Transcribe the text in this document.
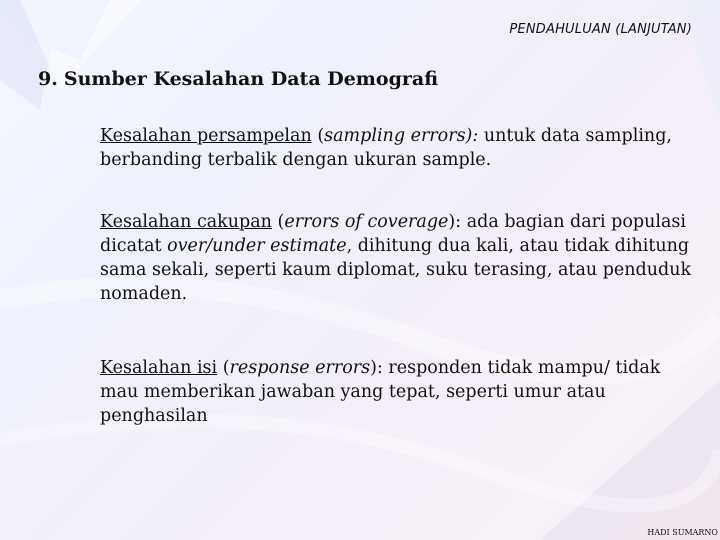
PENDAHULUAN (LANJUTAN)
9. Sumber Kesalahan Data Demografi
Kesalahan persampelan (sampling errors): untuk data sampling, berbanding terbalik dengan ukuran sample.
Kesalahan cakupan (errors of coverage): ada bagian dari populasi dicatat over/under estimate, dihitung dua kali, atau tidak dihitung sama sekali, seperti kaum diplomat, suku terasing, atau penduduk nomaden.
Kesalahan isi (response errors): responden tidak mampu/ tidak mau memberikan jawaban yang tepat, seperti umur atau penghasilan
HADI SUMARNO
